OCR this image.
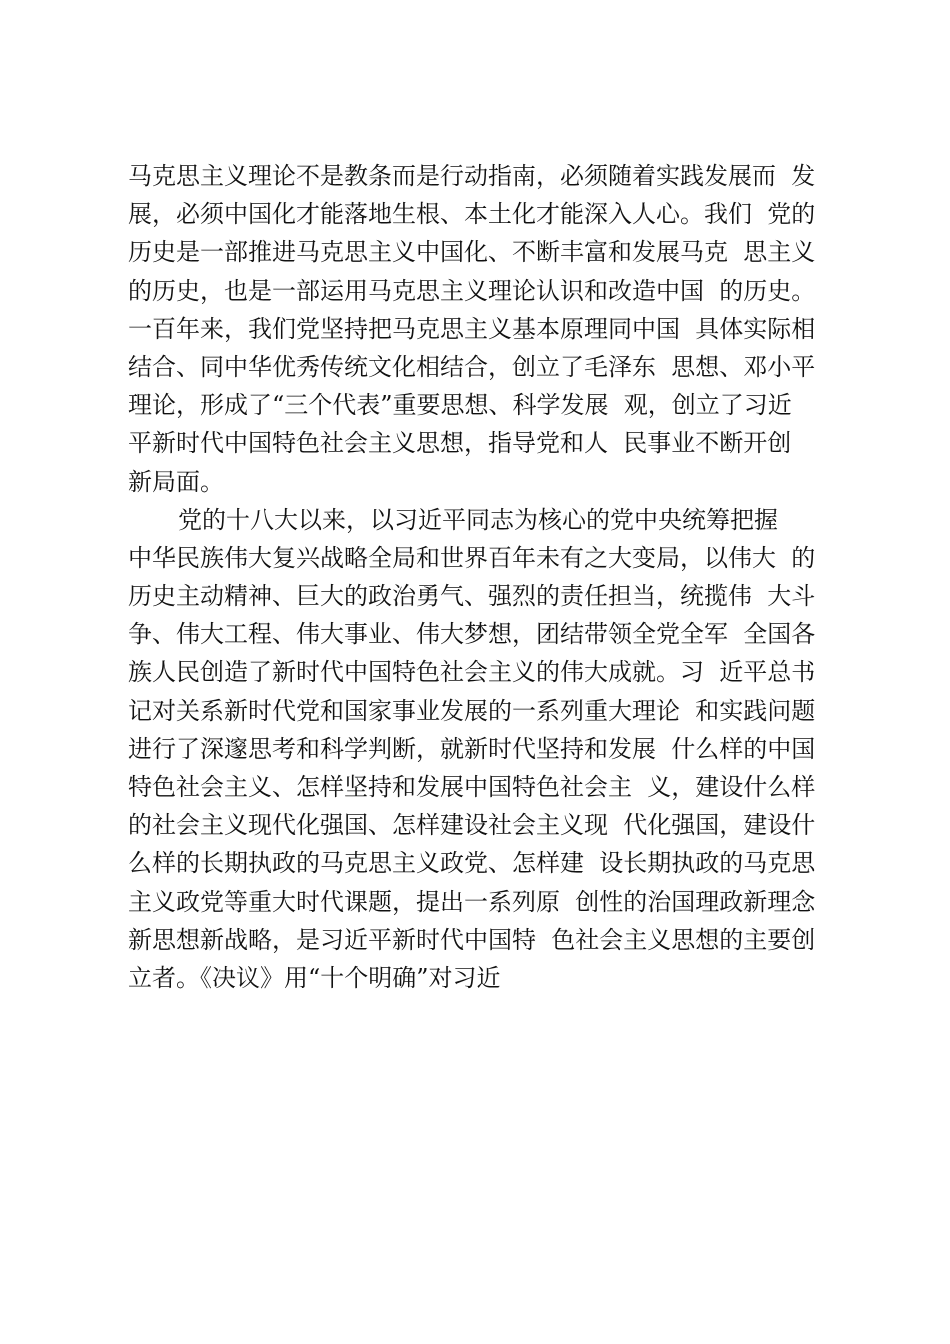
马克思主义理论不是教条而是行动指南，必须随着实践发展而  发
展，必须中国化才能落地生根、本土化才能深入人心。我们  党的
历史是一部推进马克思主义中国化、不断丰富和发展马克  思主义
的历史，也是一部运用马克思主义理论认识和改造中国  的历史。
一百年来，我们党坚持把马克思主义基本原理同中国  具体实际相
结合、同中华优秀传统文化相结合，创立了毛泽东  思想、邓小平
理论，形成了“三个代表”重要思想、科学发展  观，创立了习近
平新时代中国特色社会主义思想，指导党和人  民事业不断开创
新局面。
党的十八大以来，以习近平同志为核心的党中央统筹把握
中华民族伟大复兴战略全局和世界百年未有之大变局，以伟大  的
历史主动精神、巨大的政治勇气、强烈的责任担当，统揽伟  大斗
争、伟大工程、伟大事业、伟大梦想，团结带领全党全军  全国各
族人民创造了新时代中国特色社会主义的伟大成就。习  近平总书
记对关系新时代党和国家事业发展的一系列重大理论  和实践问题
进行了深邃思考和科学判断，就新时代坚持和发展  什么样的中国
特色社会主义、怎样坚持和发展中国特色社会主  义，建设什么样
的社会主义现代化强国、怎样建设社会主义现  代化强国，建设什
么样的长期执政的马克思主义政党、怎样建  设长期执政的马克思
主义政党等重大时代课题，提出一系列原  创性的治国理政新理念
新思想新战略，是习近平新时代中国特  色社会主义思想的主要创
立者。《决议》用“十个明确”对习近
